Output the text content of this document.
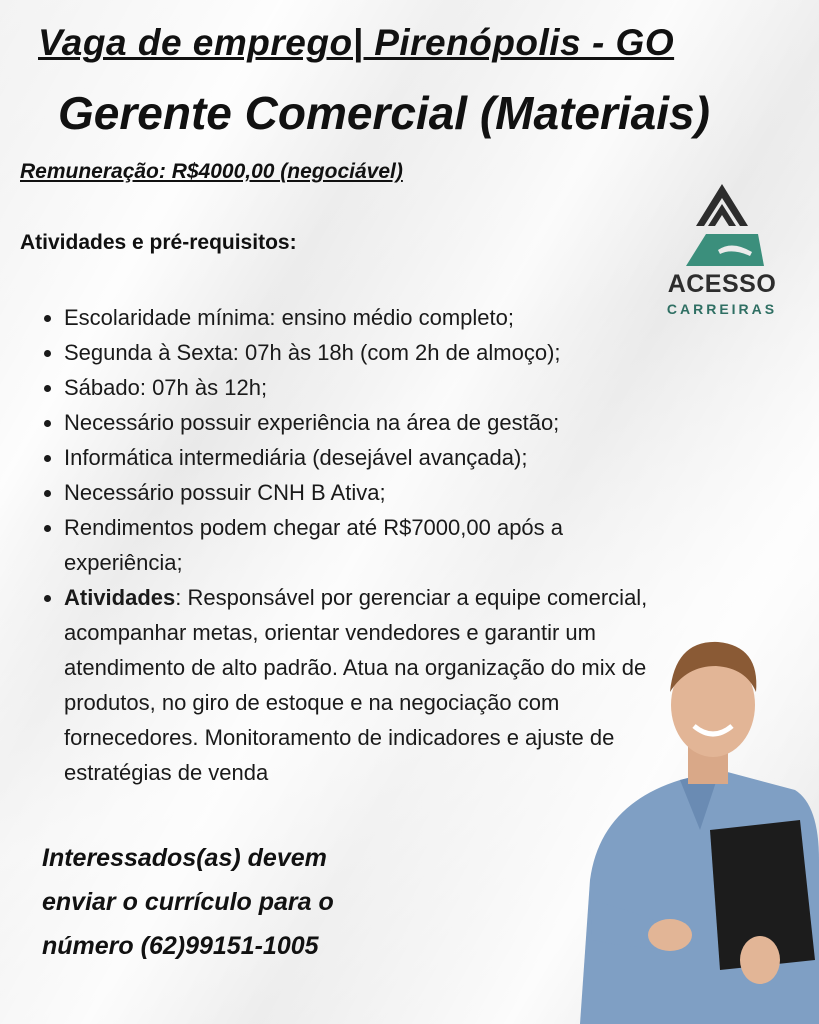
Vaga de emprego| Pirenópolis - GO
Gerente Comercial (Materiais)
Remuneração: R$4000,00 (negociável)
Atividades e pré-requisitos:
ACESSO
CARREIRAS
Escolaridade mínima: ensino médio completo;
Segunda à Sexta: 07h às 18h (com 2h de almoço);
Sábado: 07h às 12h;
Necessário possuir experiência na área de gestão;
Informática intermediária (desejável avançada);
Necessário possuir CNH B Ativa;
Rendimentos podem chegar até R$7000,00 após a experiência;
Atividades: Responsável por gerenciar a equipe comercial, acompanhar metas, orientar vendedores e garantir um atendimento de alto padrão. Atua na organização do mix de produtos, no giro de estoque e na negociação com fornecedores. Monitoramento de indicadores e ajuste de estratégias de venda
Interessados(as) devem
enviar o currículo para o
número (62)99151-1005
